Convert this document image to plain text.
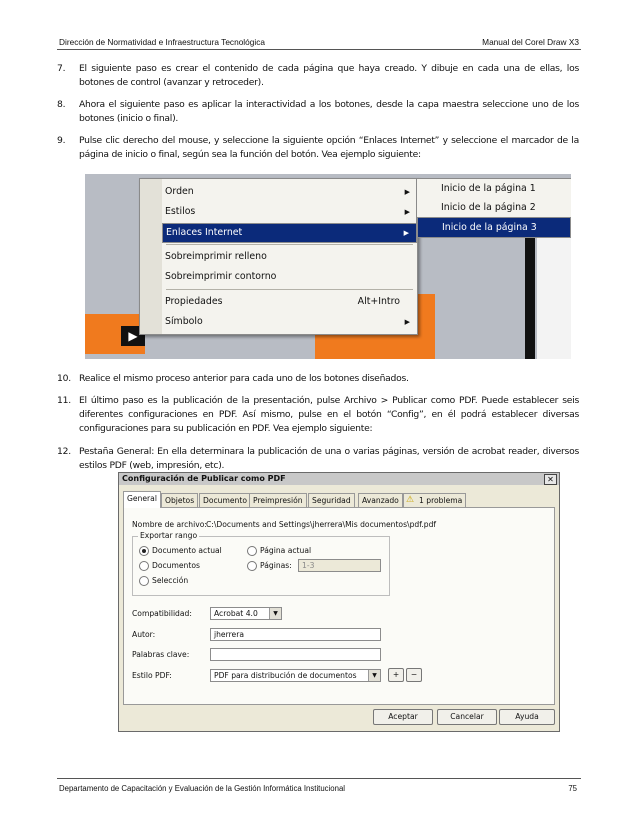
Dirección de Normatividad e Infraestructura Tecnológica	Manual del Corel Draw X3
7. El siguiente paso es crear el contenido de cada página que haya creado. Y dibuje en cada una de ellas, los botones de control (avanzar y retroceder).
8. Ahora el siguiente paso es aplicar la interactividad a los botones, desde la capa maestra seleccione uno de los botones (inicio o final).
9. Pulse clic derecho del mouse, y seleccione la siguiente opción “Enlaces Internet” y seleccione el marcador de la página de inicio o final, según sea la función del botón. Vea ejemplo siguiente:
▶
Orden	▶
Estilos	▶
Enlaces Internet	▶
Sobreimprimir relleno
Sobreimprimir contorno
Propiedades	Alt+Intro
Símbolo	▶
Inicio de la página 1
Inicio de la página 2
Inicio de la página 3
10. Realice el mismo proceso anterior para cada uno de los botones diseñados.
11. El último paso es la publicación de la presentación, pulse Archivo > Publicar como PDF. Puede establecer seis diferentes configuraciones en PDF. Así mismo, pulse en el botón “Config”, en él podrá establecer diversas configuraciones para su publicación en PDF. Vea ejemplo siguiente:
12. Pestaña General: En ella determinara la publicación de una o varias páginas, versión de acrobat reader, diversos estilos PDF (web, impresión, etc).
Configuración de Publicar como PDF	✕
General	Objetos	Documento Preimpresión	Seguridad	Avanzado ⚠ 1 problema
Nombre de archivo: C:\Documents and Settings\jherrera\Mis documentos\pdf.pdf
Exportar rango
Documento actual
Documentos
Selección
Página actual
Páginas:	1-3
Compatibilidad:	Acrobat 4.0	▼
Autor:	jherrera
Palabras clave:
Estilo PDF:	PDF para distribución de documentos	▼	+	−
Aceptar	Cancelar	Ayuda
Departamento de Capacitación y Evaluación de la Gestión Informática Institucional	75
